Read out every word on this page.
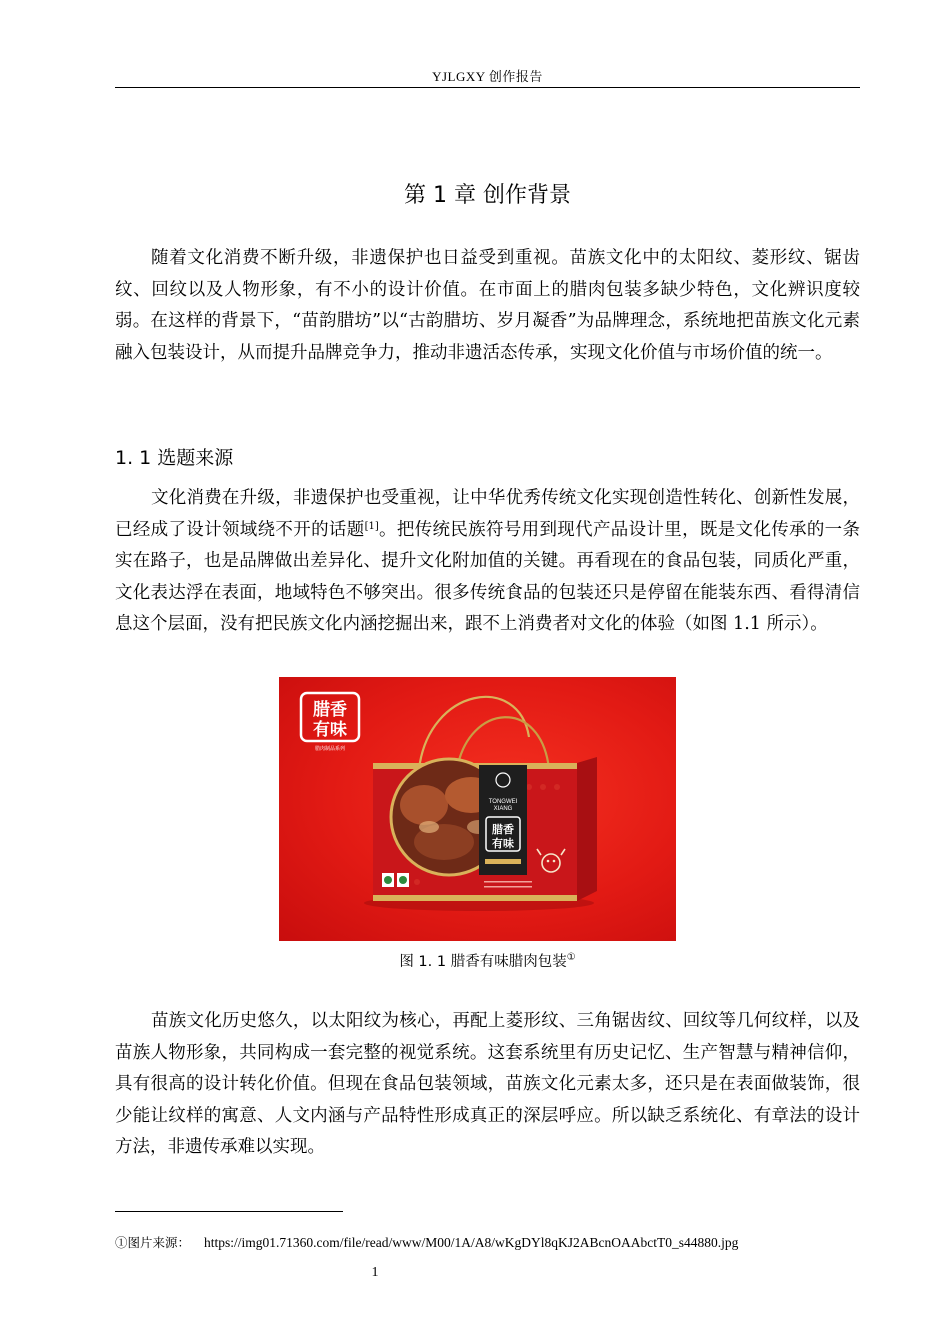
YJLGXY 创作报告
第 1 章 创作背景

随着文化消费不断升级，非遗保护也日益受到重视。苗族文化中的太阳纹、菱形纹、锯齿纹、回纹以及人物形象，有不小的设计价值。在市面上的腊肉包装多缺少特色，文化辨识度较弱。在这样的背景下，“苗韵腊坊”以“古韵腊坊、岁月凝香”为品牌理念，系统地把苗族文化元素融入包装设计，从而提升品牌竞争力，推动非遗活态传承，实现文化价值与市场价值的统一。

1. 1 选题来源

文化消费在升级，非遗保护也受重视，让中华优秀传统文化实现创造性转化、创新性发展，已经成了设计领域绕不开的话题[1]。把传统民族符号用到现代产品设计里，既是文化传承的一条实在路子，也是品牌做出差异化、提升文化附加值的关键。再看现在的食品包装，同质化严重，文化表达浮在表面，地域特色不够突出。很多传统食品的包装还只是停留在能装东西、看得清信息这个层面，没有把民族文化内涵挖掘出来，跟不上消费者对文化的体验（如图 1.1 所示）。

腊香
有味
腊肉制品系列
TONGWEI
XIANG
腊香
有味
图 1. 1 腊香有味腊肉包装①

苗族文化历史悠久，以太阳纹为核心，再配上菱形纹、三角锯齿纹、回纹等几何纹样，以及苗族人物形象，共同构成一套完整的视觉系统。这套系统里有历史记忆、生产智慧与精神信仰，具有很高的设计转化价值。但现在食品包装领域，苗族文化元素太多，还只是在表面做装饰，很少能让纹样的寓意、人文内涵与产品特性形成真正的深层呼应。所以缺乏系统化、有章法的设计方法，非遗传承难以实现。

①图片来源： https://img01.71360.com/file/read/www/M00/1A/A8/wKgDYl8qKJ2ABcnOAAbctT0_s44880.jpg
1
